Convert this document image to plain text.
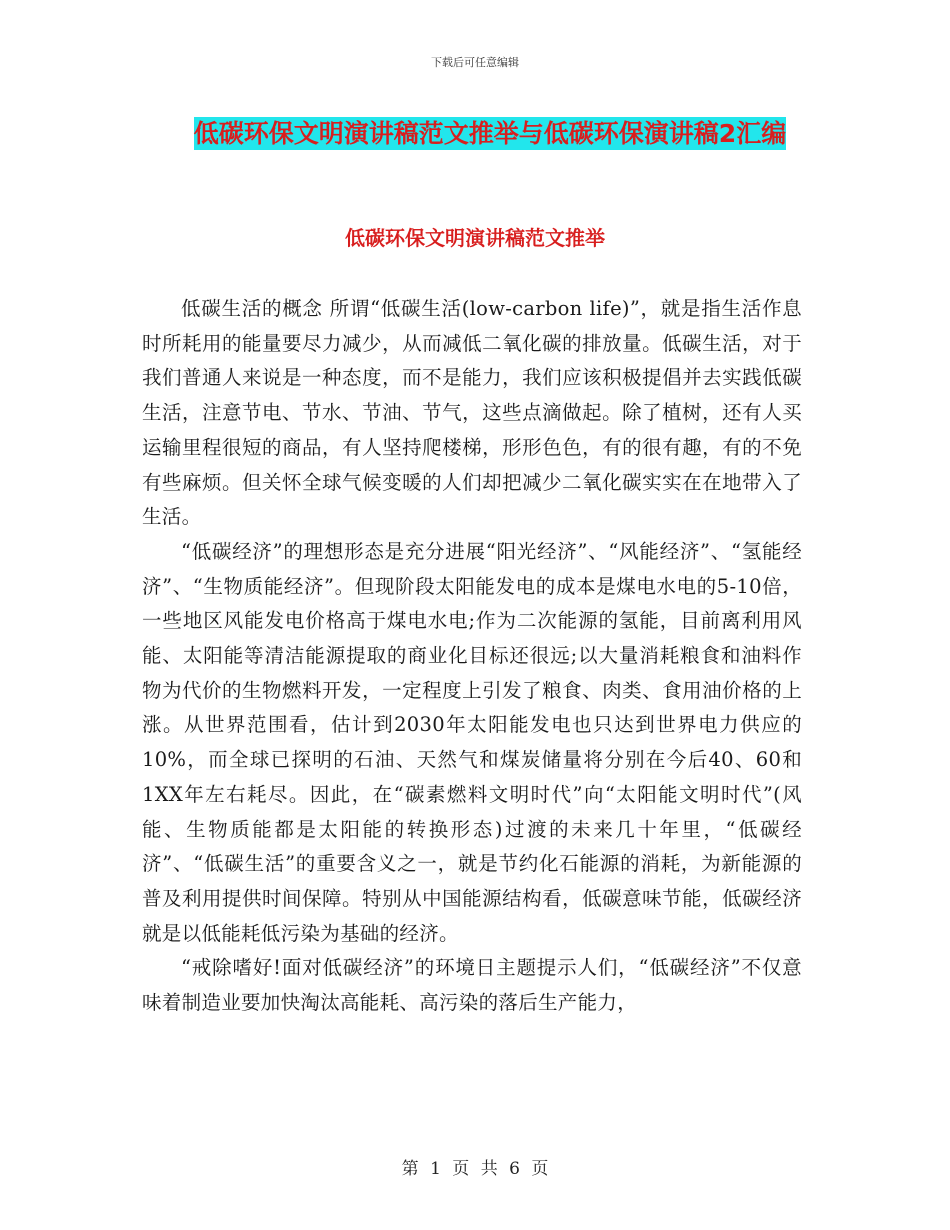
下载后可任意编辑
低碳环保文明演讲稿范文推举与低碳环保演讲稿2汇编
低碳环保文明演讲稿范文推举

低碳生活的概念 所谓“低碳生活(low-carbon life)”，就是指生活作息时所耗用的能量要尽力减少，从而减低二氧化碳的排放量。低碳生活，对于我们普通人来说是一种态度，而不是能力，我们应该积极提倡并去实践低碳生活，注意节电、节水、节油、节气，这些点滴做起。除了植树，还有人买运输里程很短的商品，有人坚持爬楼梯，形形色色，有的很有趣，有的不免有些麻烦。但关怀全球气候变暖的人们却把减少二氧化碳实实在在地带入了生活。

“低碳经济”的理想形态是充分进展“阳光经济”、“风能经济”、“氢能经济”、“生物质能经济”。但现阶段太阳能发电的成本是煤电水电的5-10倍，一些地区风能发电价格高于煤电水电;作为二次能源的氢能，目前离利用风能、太阳能等清洁能源提取的商业化目标还很远;以大量消耗粮食和油料作物为代价的生物燃料开发，一定程度上引发了粮食、肉类、食用油价格的上涨。从世界范围看，估计到2030年太阳能发电也只达到世界电力供应的10%，而全球已探明的石油、天然气和煤炭储量将分别在今后40、60和1XX年左右耗尽。因此，在“碳素燃料文明时代”向“太阳能文明时代”(风能、生物质能都是太阳能的转换形态)过渡的未来几十年里，“低碳经济”、“低碳生活”的重要含义之一，就是节约化石能源的消耗，为新能源的普及利用提供时间保障。特别从中国能源结构看，低碳意味节能，低碳经济就是以低能耗低污染为基础的经济。

“戒除嗜好!面对低碳经济”的环境日主题提示人们，“低碳经济”不仅意味着制造业要加快淘汰高能耗、高污染的落后生产能力，

第 1 页 共 6 页
